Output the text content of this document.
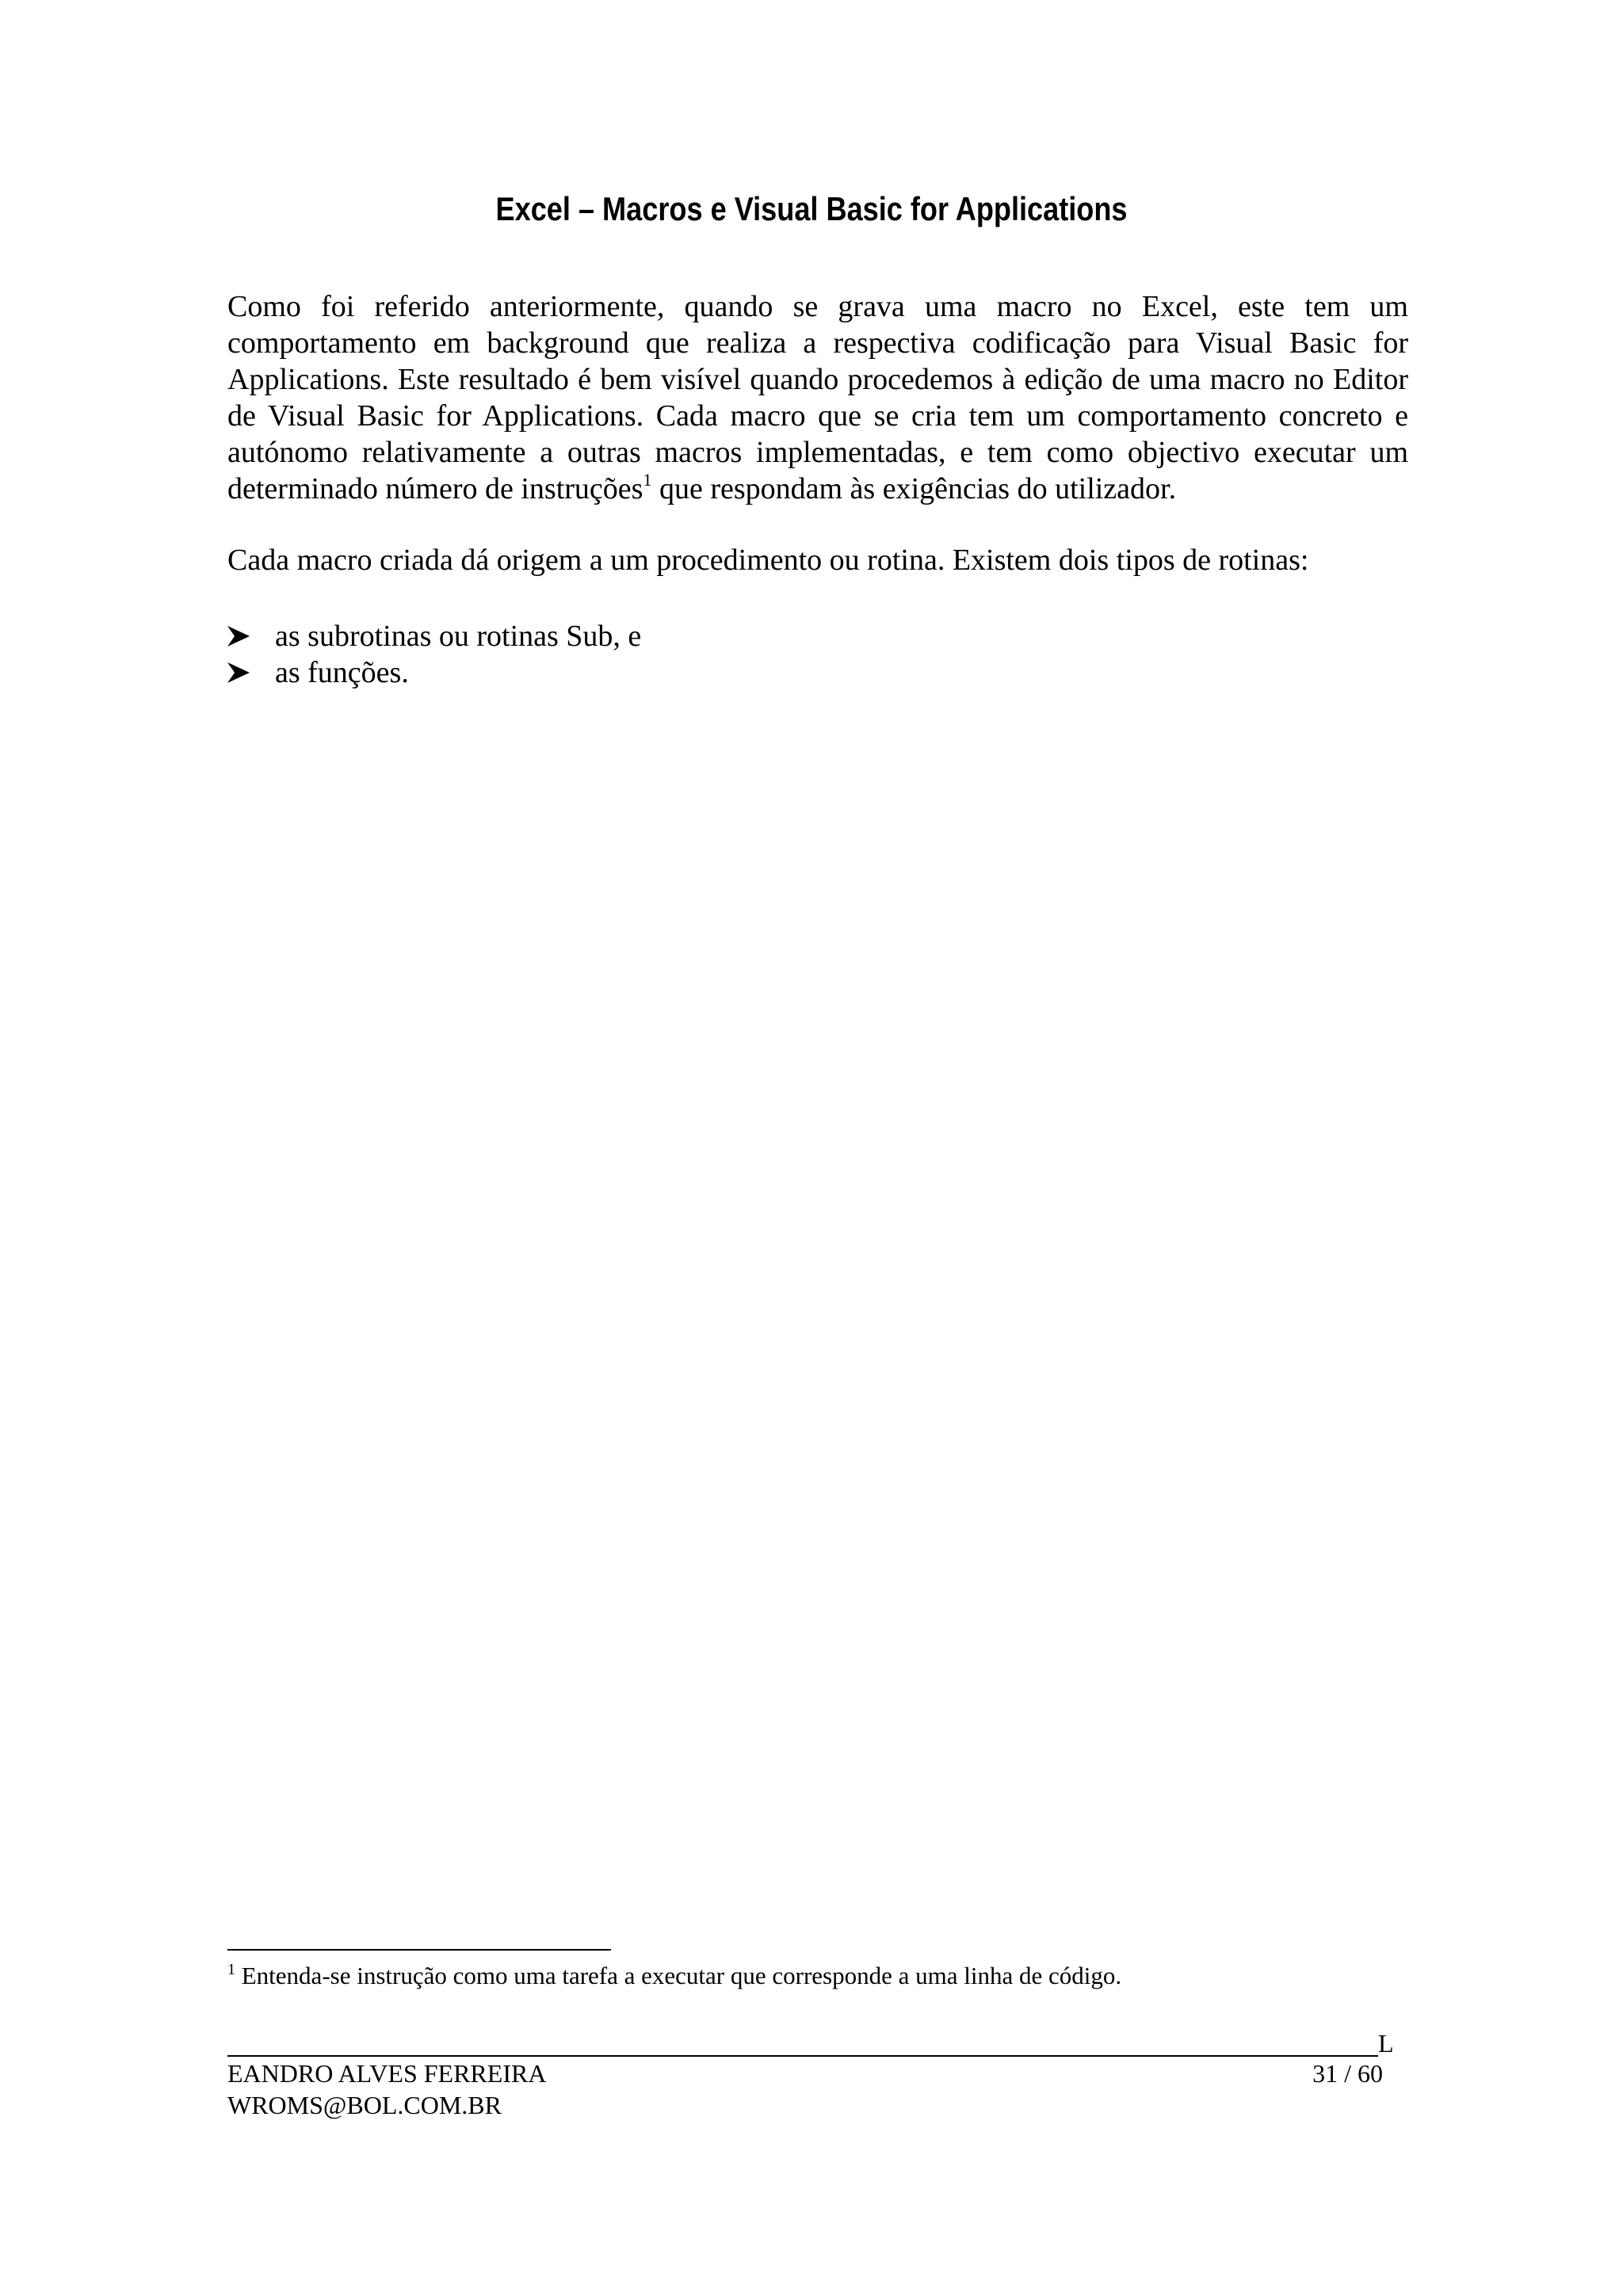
Excel – Macros e Visual Basic for Applications

Como foi referido anteriormente, quando se grava uma macro no Excel, este tem um comportamento em background que realiza a respectiva codificação para Visual Basic for Applications. Este resultado é bem visível quando procedemos à edição de uma macro no Editor de Visual Basic for Applications. Cada macro que se cria tem um comportamento concreto e autónomo relativamente a outras macros implementadas, e tem como objectivo executar um determinado número de instruções$^1$ que respondam às exigências do utilizador.

Cada macro criada dá origem a um procedimento ou rotina. Existem dois tipos de rotinas:

as subrotinas ou rotinas Sub, e
as funções.

$^1$ Entenda-se instrução como uma tarefa a executar que corresponde a uma linha de código.

L
EANDRO ALVES FERREIRA
WROMS@BOL.COM.BR
31 / 60
